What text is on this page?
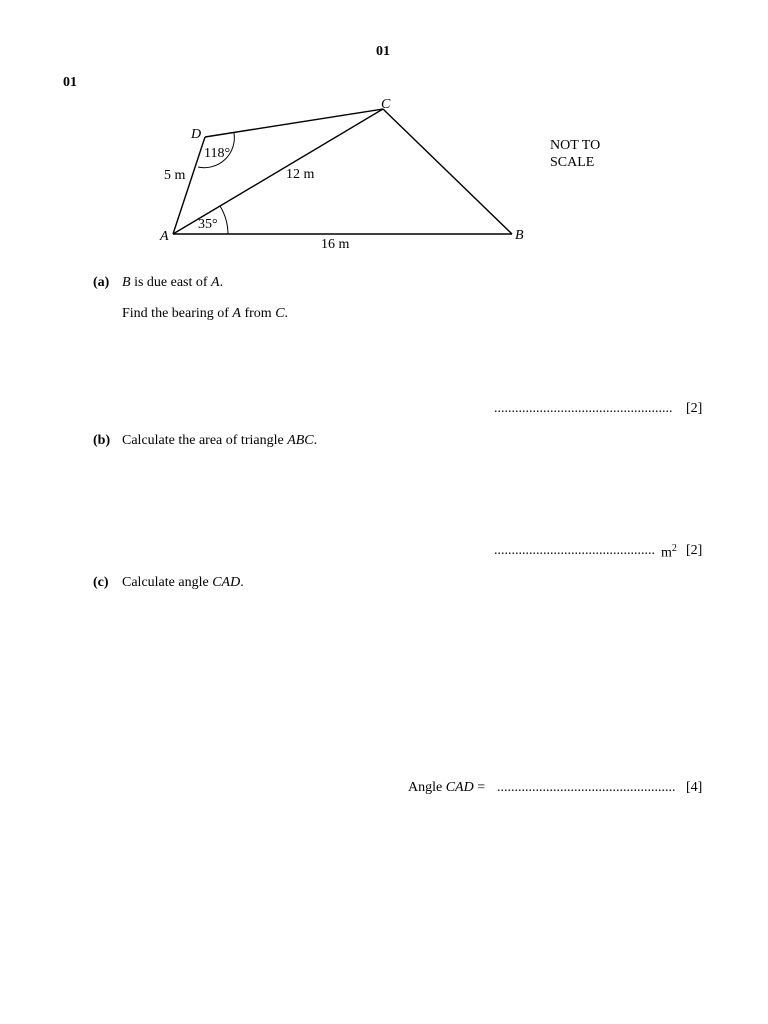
01
01
D
C
A	B
5 m	12 m
16 m
118°
35°
NOT TO
SCALE
(a) B is due east of A.
Find the bearing of A from C.
................................................... [2]
(b) Calculate the area of triangle ABC.
.............................................. $m^2$ [2]
(c) Calculate angle CAD.
Angle CAD = ................................................... [4]
